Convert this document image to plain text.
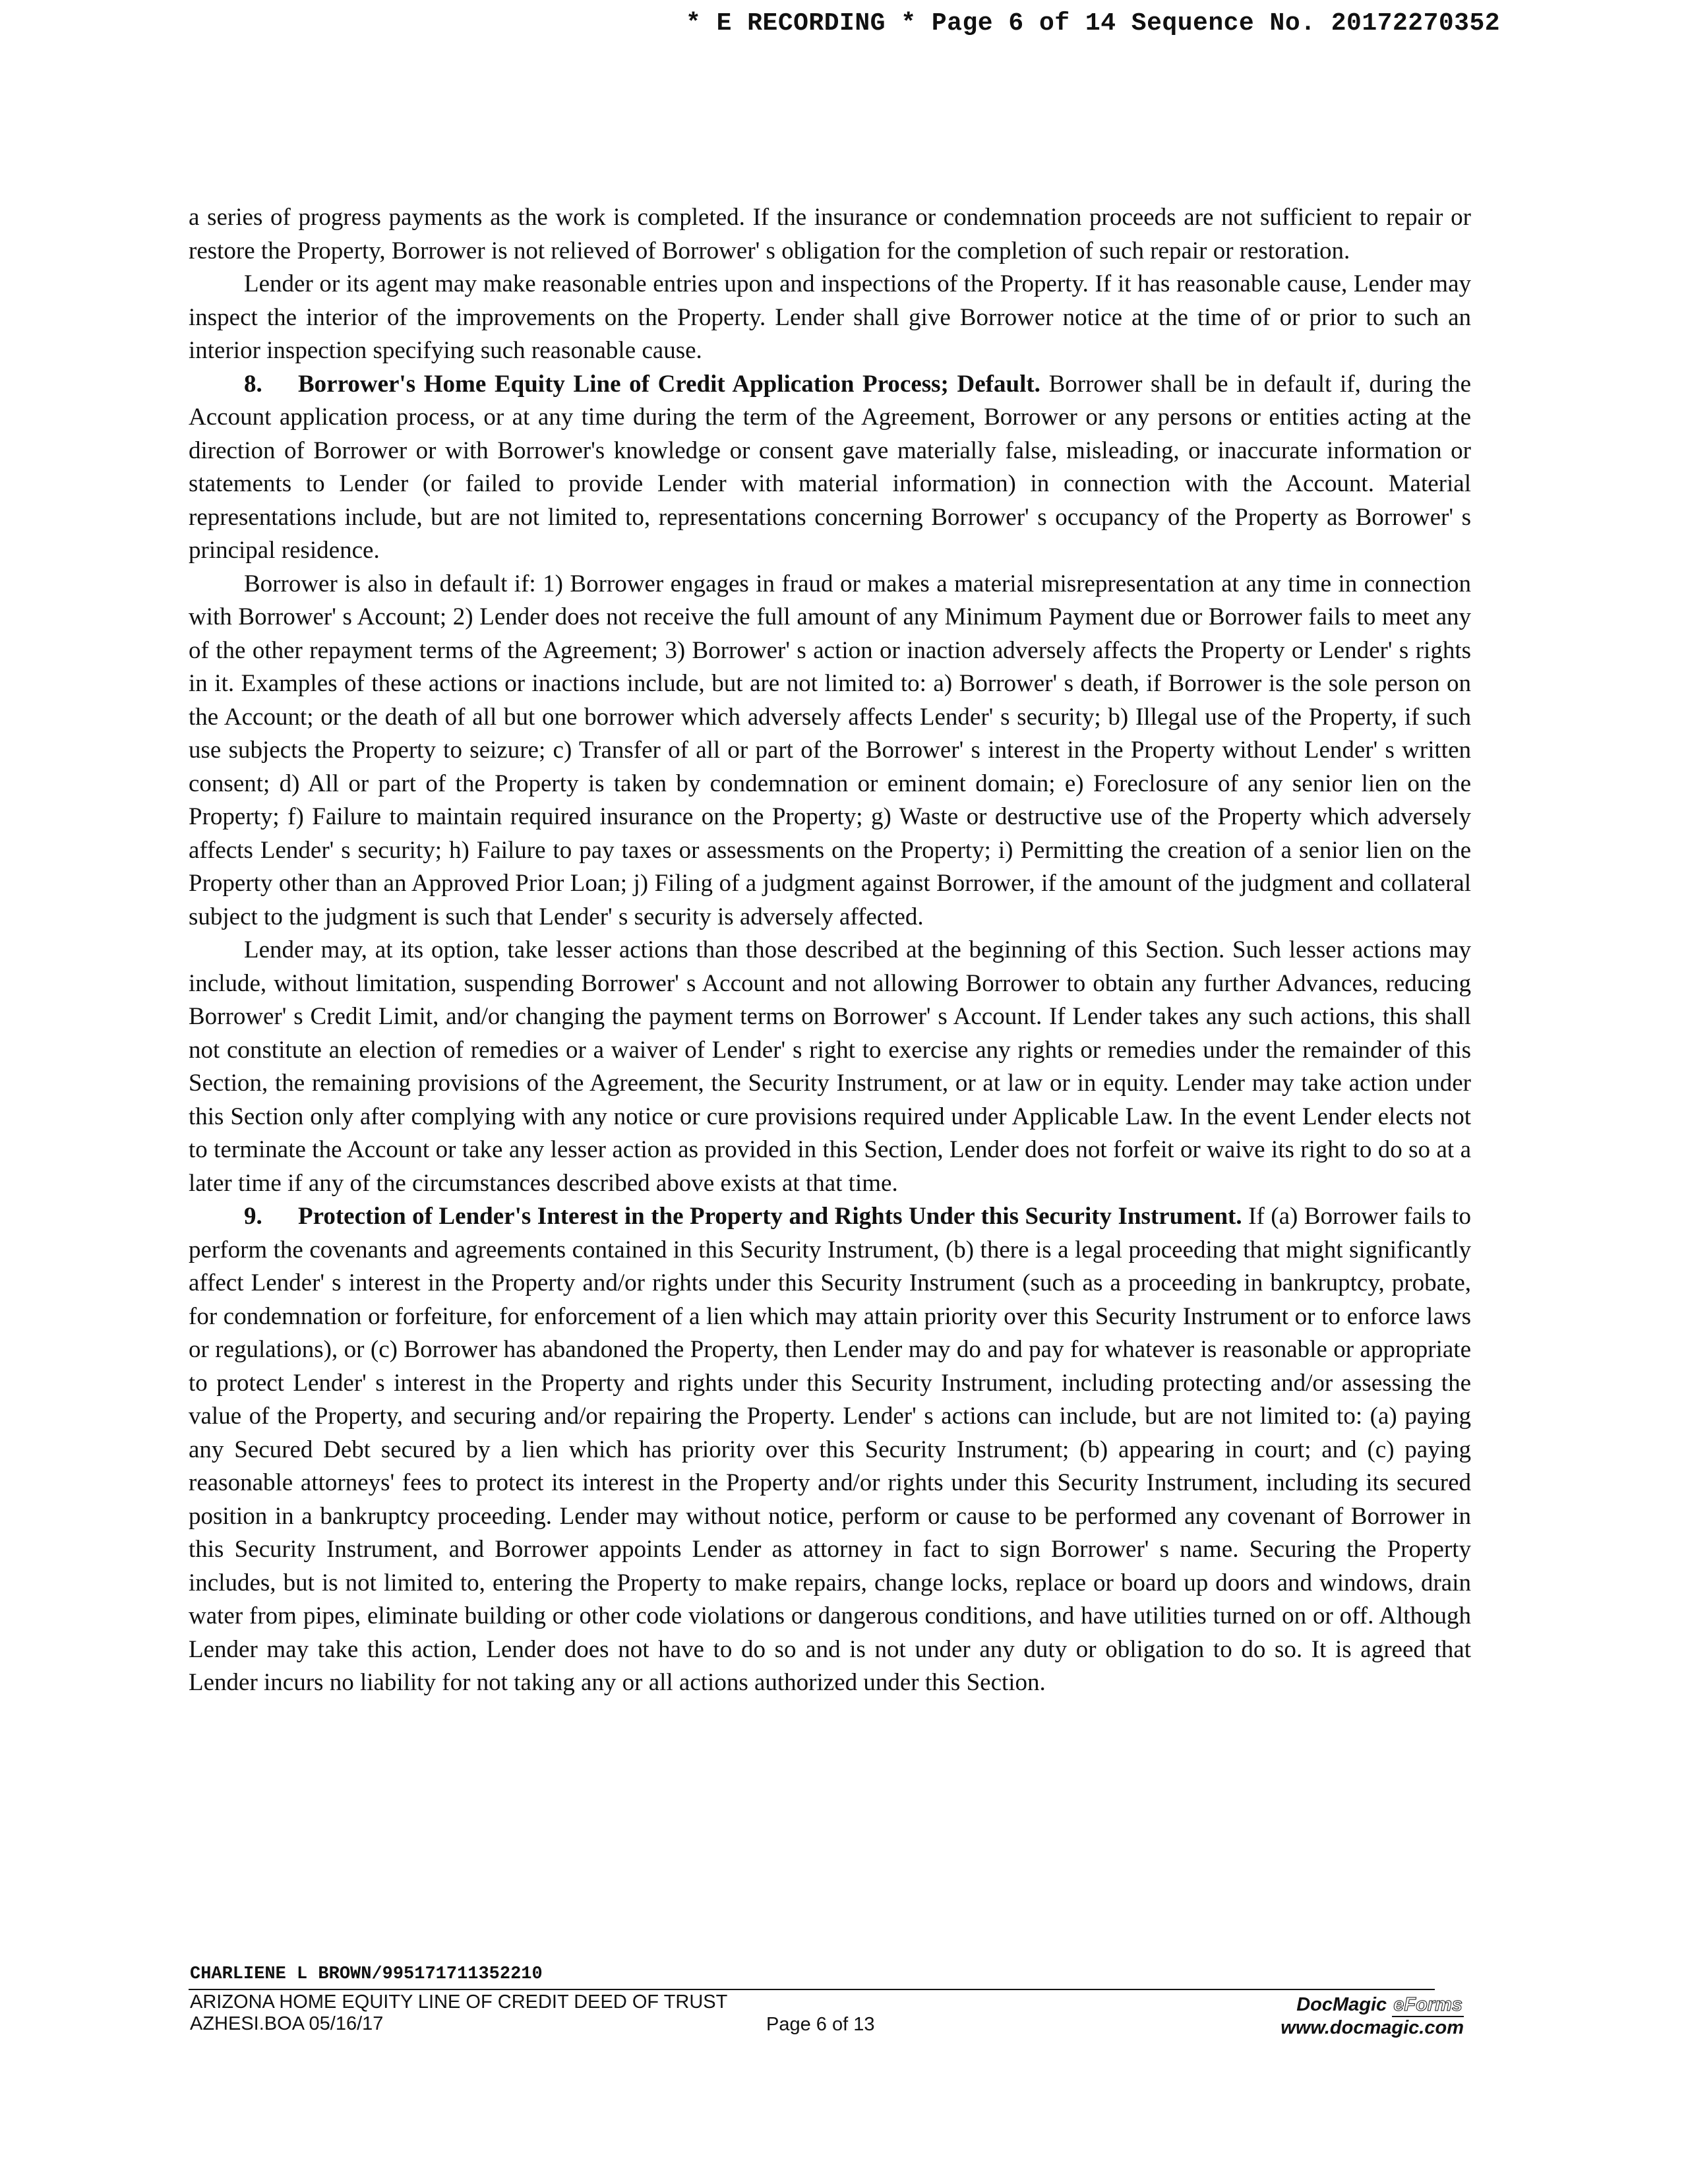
* E RECORDING * Page 6 of 14 Sequence No. 20172270352

a series of progress payments as the work is completed. If the insurance or condemnation proceeds are not sufficient to repair or restore the Property, Borrower is not relieved of Borrower' s obligation for the completion of such repair or restoration.

Lender or its agent may make reasonable entries upon and inspections of the Property. If it has reasonable cause, Lender may inspect the interior of the improvements on the Property. Lender shall give Borrower notice at the time of or prior to such an interior inspection specifying such reasonable cause.

8. Borrower's Home Equity Line of Credit Application Process; Default. Borrower shall be in default if, during the Account application process, or at any time during the term of the Agreement, Borrower or any persons or entities acting at the direction of Borrower or with Borrower's knowledge or consent gave materially false, misleading, or inaccurate information or statements to Lender (or failed to provide Lender with material information) in connection with the Account. Material representations include, but are not limited to, representations concerning Borrower' s occupancy of the Property as Borrower' s principal residence.

Borrower is also in default if: 1) Borrower engages in fraud or makes a material misrepresentation at any time in connection with Borrower' s Account; 2) Lender does not receive the full amount of any Minimum Payment due or Borrower fails to meet any of the other repayment terms of the Agreement; 3) Borrower' s action or inaction adversely affects the Property or Lender' s rights in it. Examples of these actions or inactions include, but are not limited to: a) Borrower' s death, if Borrower is the sole person on the Account; or the death of all but one borrower which adversely affects Lender' s security; b) Illegal use of the Property, if such use subjects the Property to seizure; c) Transfer of all or part of the Borrower' s interest in the Property without Lender' s written consent; d) All or part of the Property is taken by condemnation or eminent domain; e) Foreclosure of any senior lien on the Property; f) Failure to maintain required insurance on the Property; g) Waste or destructive use of the Property which adversely affects Lender' s security; h) Failure to pay taxes or assessments on the Property; i) Permitting the creation of a senior lien on the Property other than an Approved Prior Loan; j) Filing of a judgment against Borrower, if the amount of the judgment and collateral subject to the judgment is such that Lender' s security is adversely affected.

Lender may, at its option, take lesser actions than those described at the beginning of this Section. Such lesser actions may include, without limitation, suspending Borrower' s Account and not allowing Borrower to obtain any further Advances, reducing Borrower' s Credit Limit, and/or changing the payment terms on Borrower' s Account. If Lender takes any such actions, this shall not constitute an election of remedies or a waiver of Lender' s right to exercise any rights or remedies under the remainder of this Section, the remaining provisions of the Agreement, the Security Instrument, or at law or in equity. Lender may take action under this Section only after complying with any notice or cure provisions required under Applicable Law. In the event Lender elects not to terminate the Account or take any lesser action as provided in this Section, Lender does not forfeit or waive its right to do so at a later time if any of the circumstances described above exists at that time.

9. Protection of Lender's Interest in the Property and Rights Under this Security Instrument. If (a) Borrower fails to perform the covenants and agreements contained in this Security Instrument, (b) there is a legal proceeding that might significantly affect Lender' s interest in the Property and/or rights under this Security Instrument (such as a proceeding in bankruptcy, probate, for condemnation or forfeiture, for enforcement of a lien which may attain priority over this Security Instrument or to enforce laws or regulations), or (c) Borrower has abandoned the Property, then Lender may do and pay for whatever is reasonable or appropriate to protect Lender' s interest in the Property and rights under this Security Instrument, including protecting and/or assessing the value of the Property, and securing and/or repairing the Property. Lender' s actions can include, but are not limited to: (a) paying any Secured Debt secured by a lien which has priority over this Security Instrument; (b) appearing in court; and (c) paying reasonable attorneys' fees to protect its interest in the Property and/or rights under this Security Instrument, including its secured position in a bankruptcy proceeding. Lender may without notice, perform or cause to be performed any covenant of Borrower in this Security Instrument, and Borrower appoints Lender as attorney in fact to sign Borrower' s name. Securing the Property includes, but is not limited to, entering the Property to make repairs, change locks, replace or board up doors and windows, drain water from pipes, eliminate building or other code violations or dangerous conditions, and have utilities turned on or off. Although Lender may take this action, Lender does not have to do so and is not under any duty or obligation to do so. It is agreed that Lender incurs no liability for not taking any or all actions authorized under this Section.

CHARLIENE L BROWN/995171711352210
ARIZONA HOME EQUITY LINE OF CREDIT DEED OF TRUST
AZHESI.BOA 05/16/17	Page 6 of 13
DocMagic eForms
www.docmagic.com
